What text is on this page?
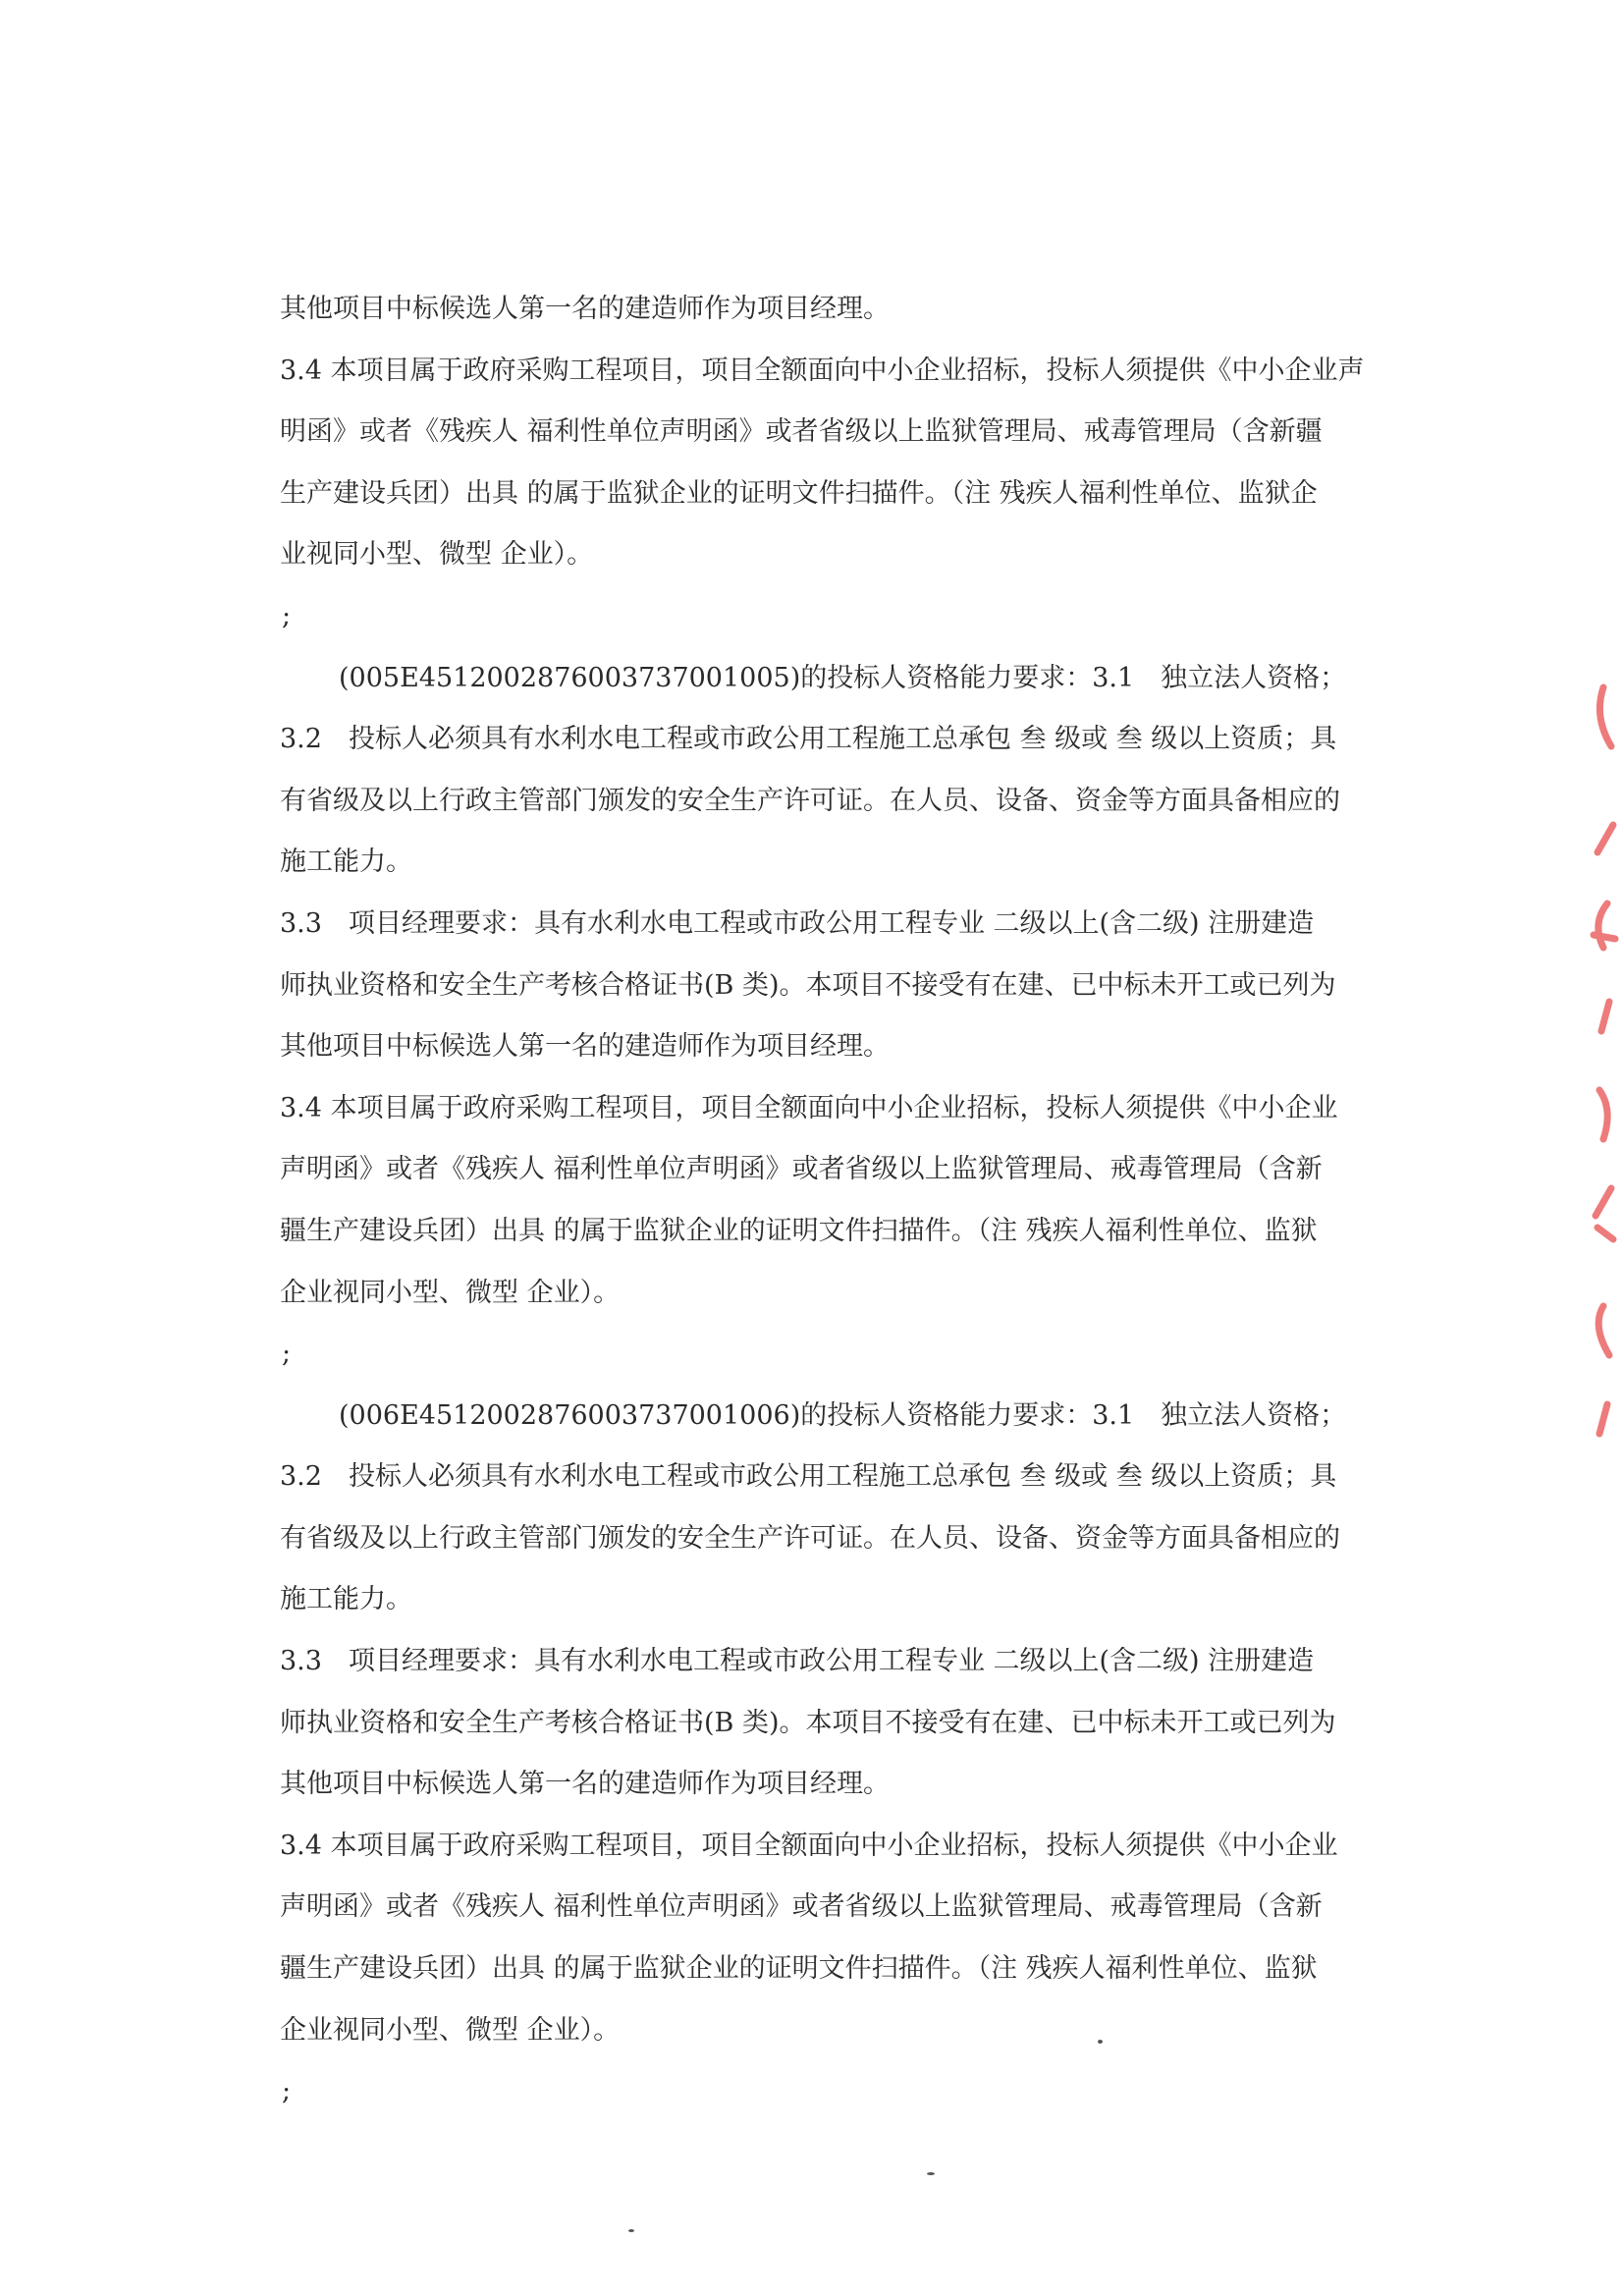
其他项目中标候选人第一名的建造师作为项目经理。
3.4 本项目属于政府采购工程项目，项目全额面向中小企业招标，投标人须提供《中小企业声
明函》或者《残疾人 福利性单位声明函》或者省级以上监狱管理局、戒毒管理局（含新疆
生产建设兵团）出具 的属于监狱企业的证明文件扫描件。（注 残疾人福利性单位、监狱企
业视同小型、微型 企业）。
;
(005E4512002876003737001005)的投标人资格能力要求：3.1　独立法人资格；
3.2　投标人必须具有水利水电工程或市政公用工程施工总承包 叁 级或 叁 级以上资质；具
有省级及以上行政主管部门颁发的安全生产许可证。在人员、设备、资金等方面具备相应的
施工能力。
3.3　项目经理要求：具有水利水电工程或市政公用工程专业 二级以上(含二级) 注册建造
师执业资格和安全生产考核合格证书(B 类)。本项目不接受有在建、已中标未开工或已列为
其他项目中标候选人第一名的建造师作为项目经理。
3.4 本项目属于政府采购工程项目，项目全额面向中小企业招标，投标人须提供《中小企业
声明函》或者《残疾人 福利性单位声明函》或者省级以上监狱管理局、戒毒管理局（含新
疆生产建设兵团）出具 的属于监狱企业的证明文件扫描件。（注 残疾人福利性单位、监狱
企业视同小型、微型 企业）。
;
(006E4512002876003737001006)的投标人资格能力要求：3.1　独立法人资格；
3.2　投标人必须具有水利水电工程或市政公用工程施工总承包 叁 级或 叁 级以上资质；具
有省级及以上行政主管部门颁发的安全生产许可证。在人员、设备、资金等方面具备相应的
施工能力。
3.3　项目经理要求：具有水利水电工程或市政公用工程专业 二级以上(含二级) 注册建造
师执业资格和安全生产考核合格证书(B 类)。本项目不接受有在建、已中标未开工或已列为
其他项目中标候选人第一名的建造师作为项目经理。
3.4 本项目属于政府采购工程项目，项目全额面向中小企业招标，投标人须提供《中小企业
声明函》或者《残疾人 福利性单位声明函》或者省级以上监狱管理局、戒毒管理局（含新
疆生产建设兵团）出具 的属于监狱企业的证明文件扫描件。（注 残疾人福利性单位、监狱
企业视同小型、微型 企业）。
;
